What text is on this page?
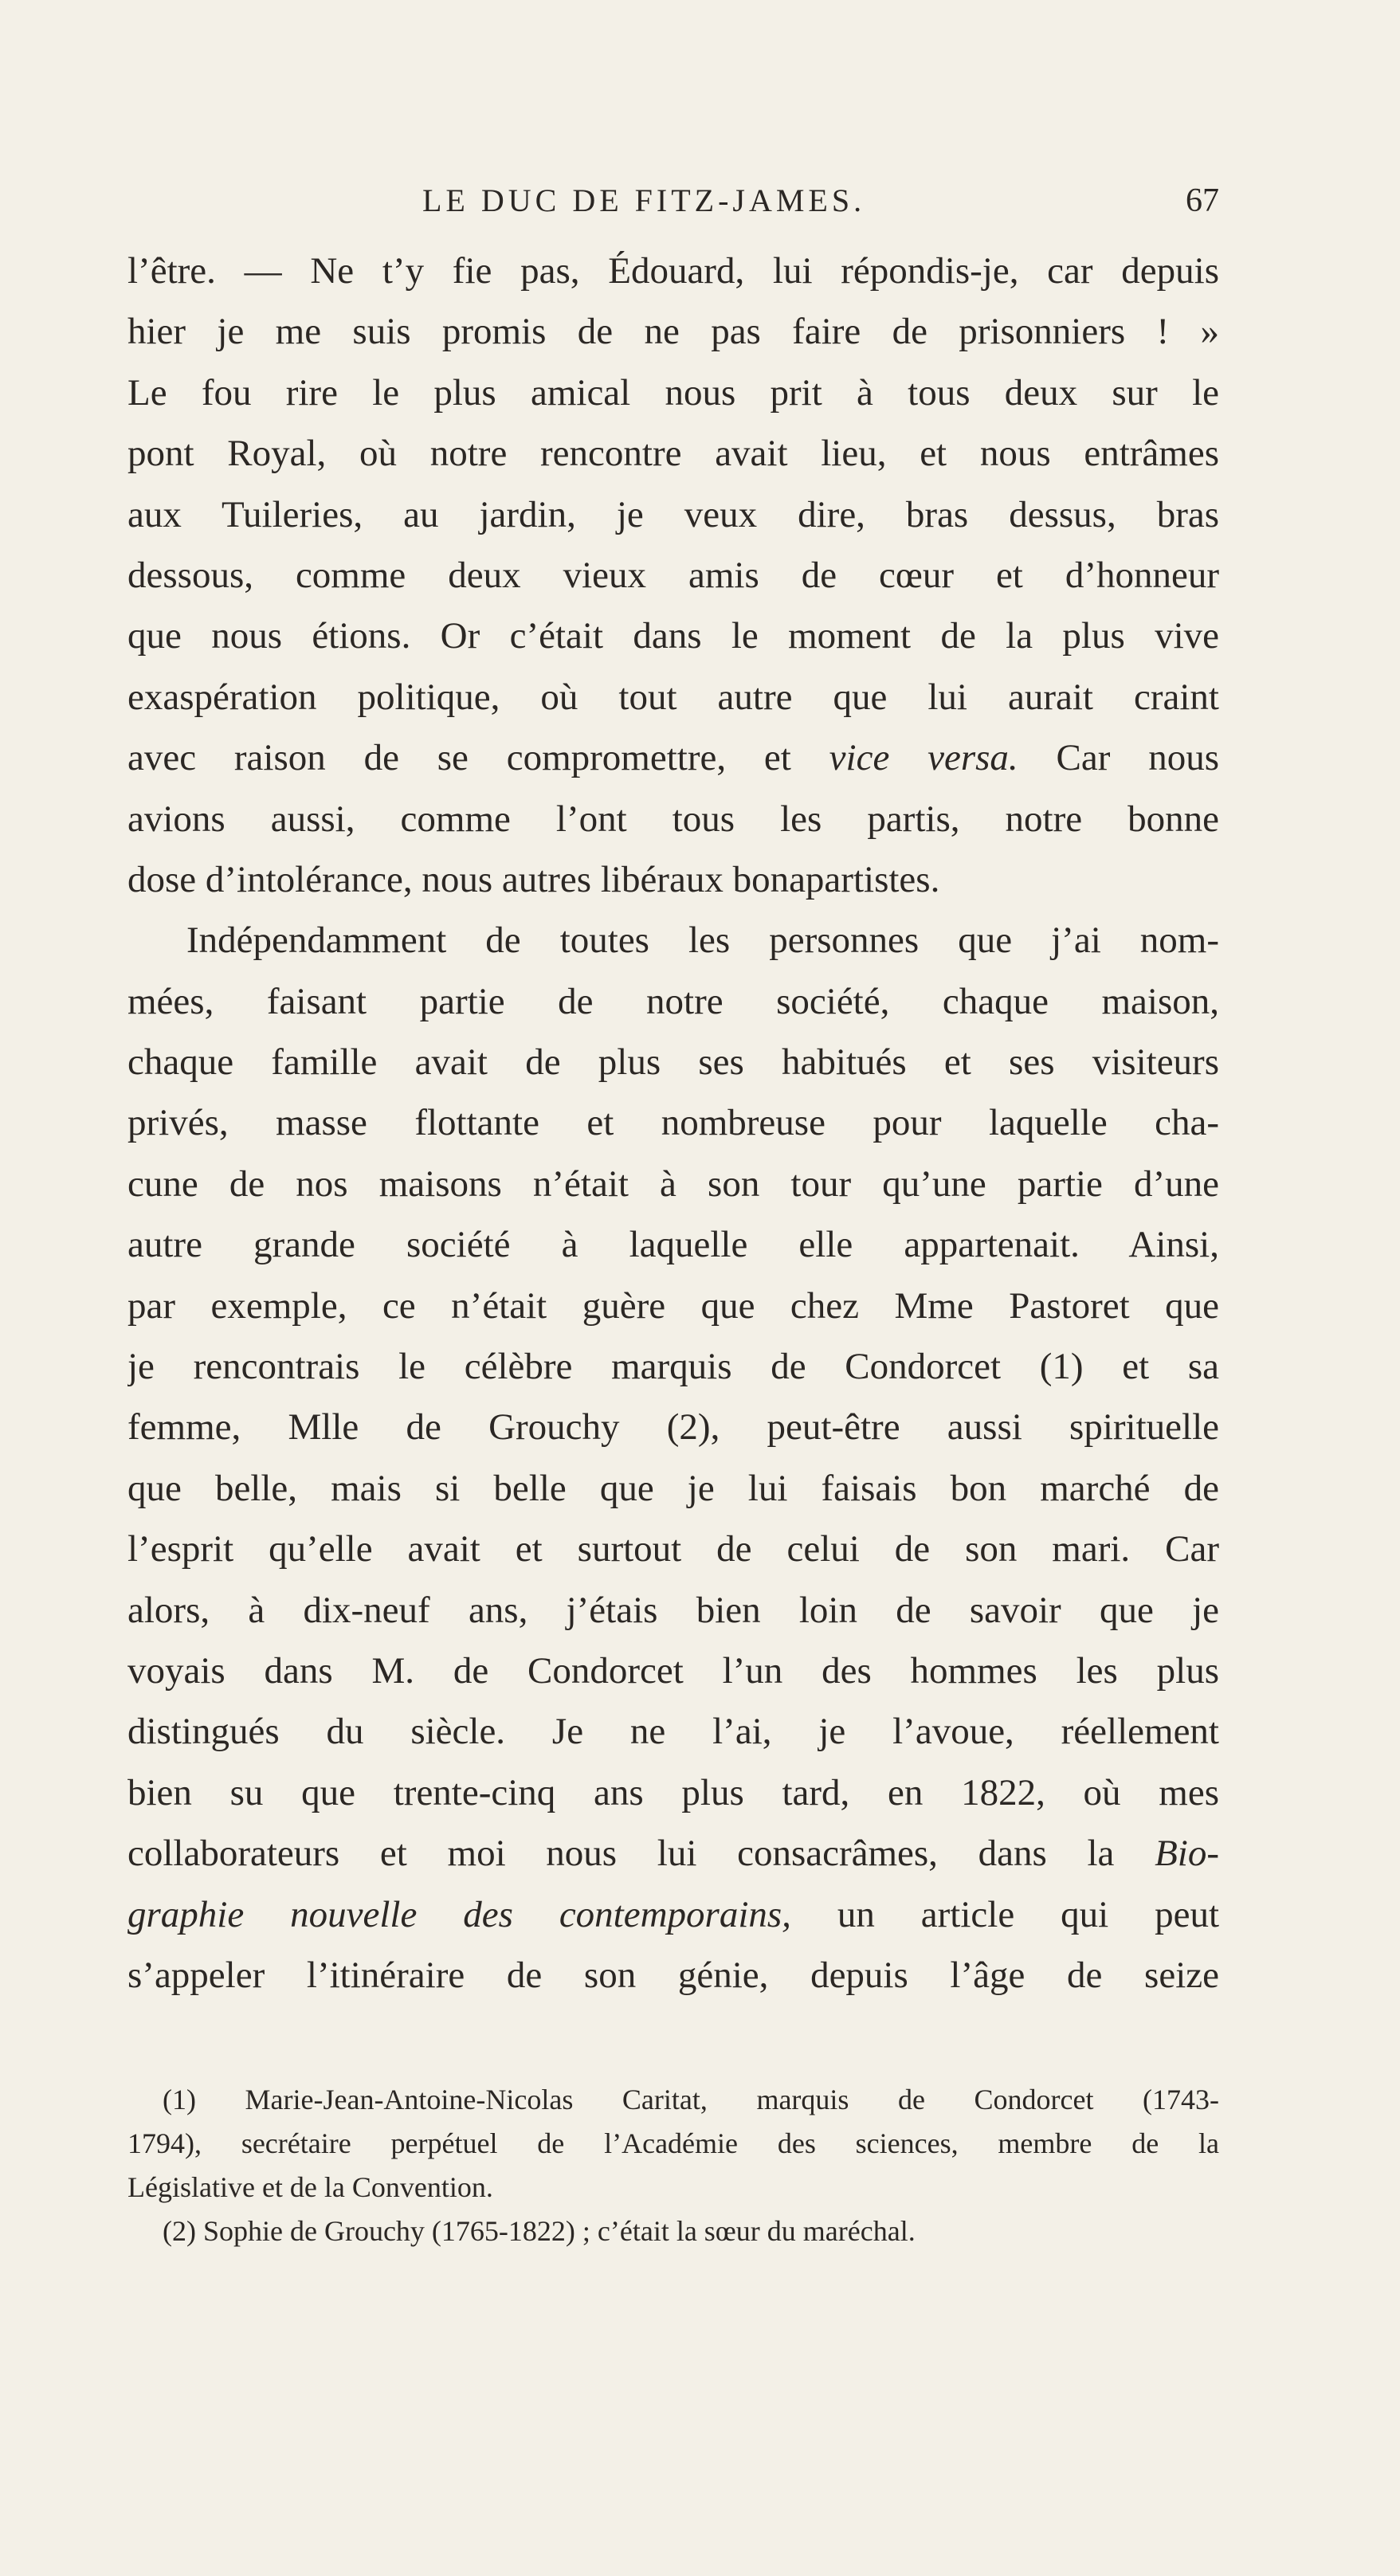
LE DUC DE FITZ-JAMES.	67
l’être. — Ne t’y fie pas, Édouard, lui répondis-je, car depuis
hier je me suis promis de ne pas faire de prisonniers ! »
Le fou rire le plus amical nous prit à tous deux sur le
pont Royal, où notre rencontre avait lieu, et nous entrâmes
aux Tuileries, au jardin, je veux dire, bras dessus, bras
dessous, comme deux vieux amis de cœur et d’honneur
que nous étions. Or c’était dans le moment de la plus vive
exaspération politique, où tout autre que lui aurait craint
avec raison de se compromettre, et vice versa. Car nous
avions aussi, comme l’ont tous les partis, notre bonne
dose d’intolérance, nous autres libéraux bonapartistes.
Indépendamment de toutes les personnes que j’ai nom-
mées, faisant partie de notre société, chaque maison,
chaque famille avait de plus ses habitués et ses visiteurs
privés, masse flottante et nombreuse pour laquelle cha-
cune de nos maisons n’était à son tour qu’une partie d’une
autre grande société à laquelle elle appartenait. Ainsi,
par exemple, ce n’était guère que chez Mme Pastoret que
je rencontrais le célèbre marquis de Condorcet (1) et sa
femme, Mlle de Grouchy (2), peut-être aussi spirituelle
que belle, mais si belle que je lui faisais bon marché de
l’esprit qu’elle avait et surtout de celui de son mari. Car
alors, à dix-neuf ans, j’étais bien loin de savoir que je
voyais dans M. de Condorcet l’un des hommes les plus
distingués du siècle. Je ne l’ai, je l’avoue, réellement
bien su que trente-cinq ans plus tard, en 1822, où mes
collaborateurs et moi nous lui consacrâmes, dans la Bio-
graphie nouvelle des contemporains, un article qui peut
s’appeler l’itinéraire de son génie, depuis l’âge de seize
(1) Marie-Jean-Antoine-Nicolas Caritat, marquis de Condorcet (1743-
1794), secrétaire perpétuel de l’Académie des sciences, membre de la
Législative et de la Convention.
(2) Sophie de Grouchy (1765-1822) ; c’était la sœur du maréchal.
